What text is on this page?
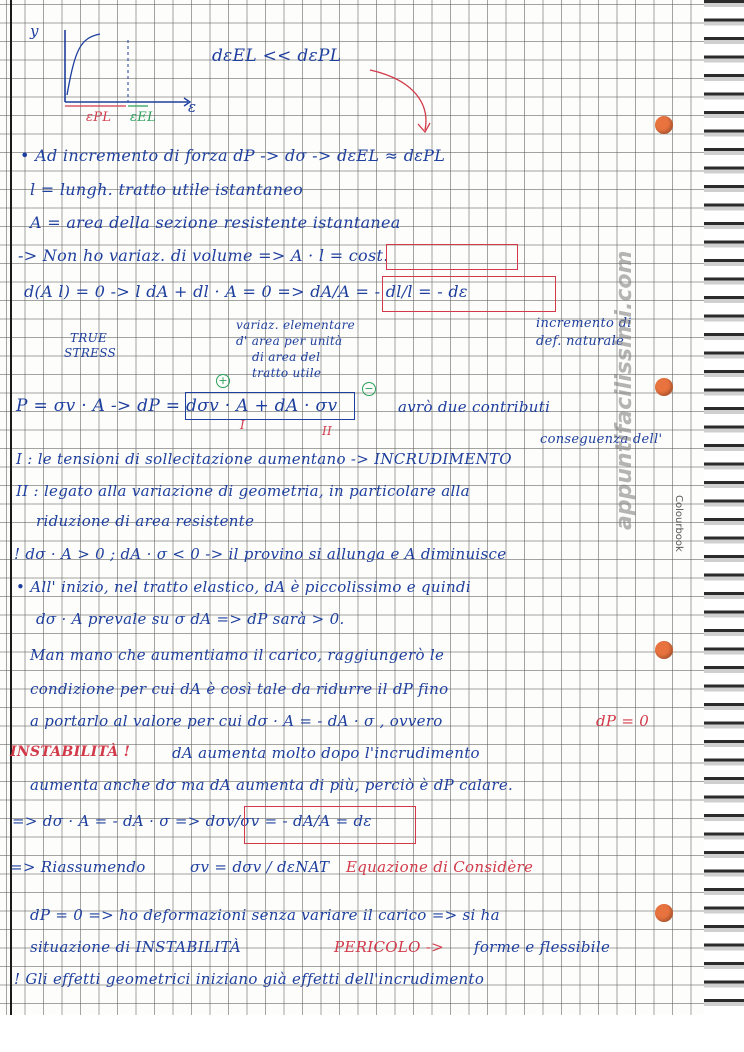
y
ε
εPL εEL
dεEL << dεPL
• Ad incremento di forza dP -> dσ -> dεEL ≈ dεPL
l = lungh. tratto utile istantaneo
A = area della sezione resistente istantanea
-> Non ho variaz. di volume => A · l = cost.
d(A l) = 0 -> l dA + dl · A = 0 => dA/A = - dl/l = - dε
incremento di
def. naturale
TRUE
STRESS
variaz. elementare
d' area per unità
di area del
tratto utile
+
−
P = σv · A -> dP = dσv · A + dA · σv	avrò due contributi
I	II
conseguenza dell'
I : le tensioni di sollecitazione aumentano -> INCRUDIMENTO
II : legato alla variazione di geometria, in particolare alla
riduzione di area resistente
! dσ · A > 0 ; dA · σ < 0 -> il provino si allunga e A diminuisce
• All' inizio, nel tratto elastico, dA è piccolissimo e quindi
dσ · A prevale su σ dA => dP sarà > 0.
Man mano che aumentiamo il carico, raggiungerò le
condizione per cui dA è così tale da ridurre il dP fino
a portarlo al valore per cui dσ · A = - dA · σ , ovvero	dP = 0
INSTABILITÀ !	dA aumenta molto dopo l'incrudimento
aumenta anche dσ ma dA aumenta di più, perciò è dP calare.
=> dσ · A = - dA · σ => dσv/σv = - dA/A = dε
=> Riassumendo	σv = dσv / dεNAT Equazione di Considère
dP = 0 => ho deformazioni senza variare il carico => si ha
situazione di INSTABILITÀ	PERICOLO -> forme e flessibile
! Gli effetti geometrici iniziano già effetti dell'incrudimento
appuntifacilissimi.com	Colourbook
